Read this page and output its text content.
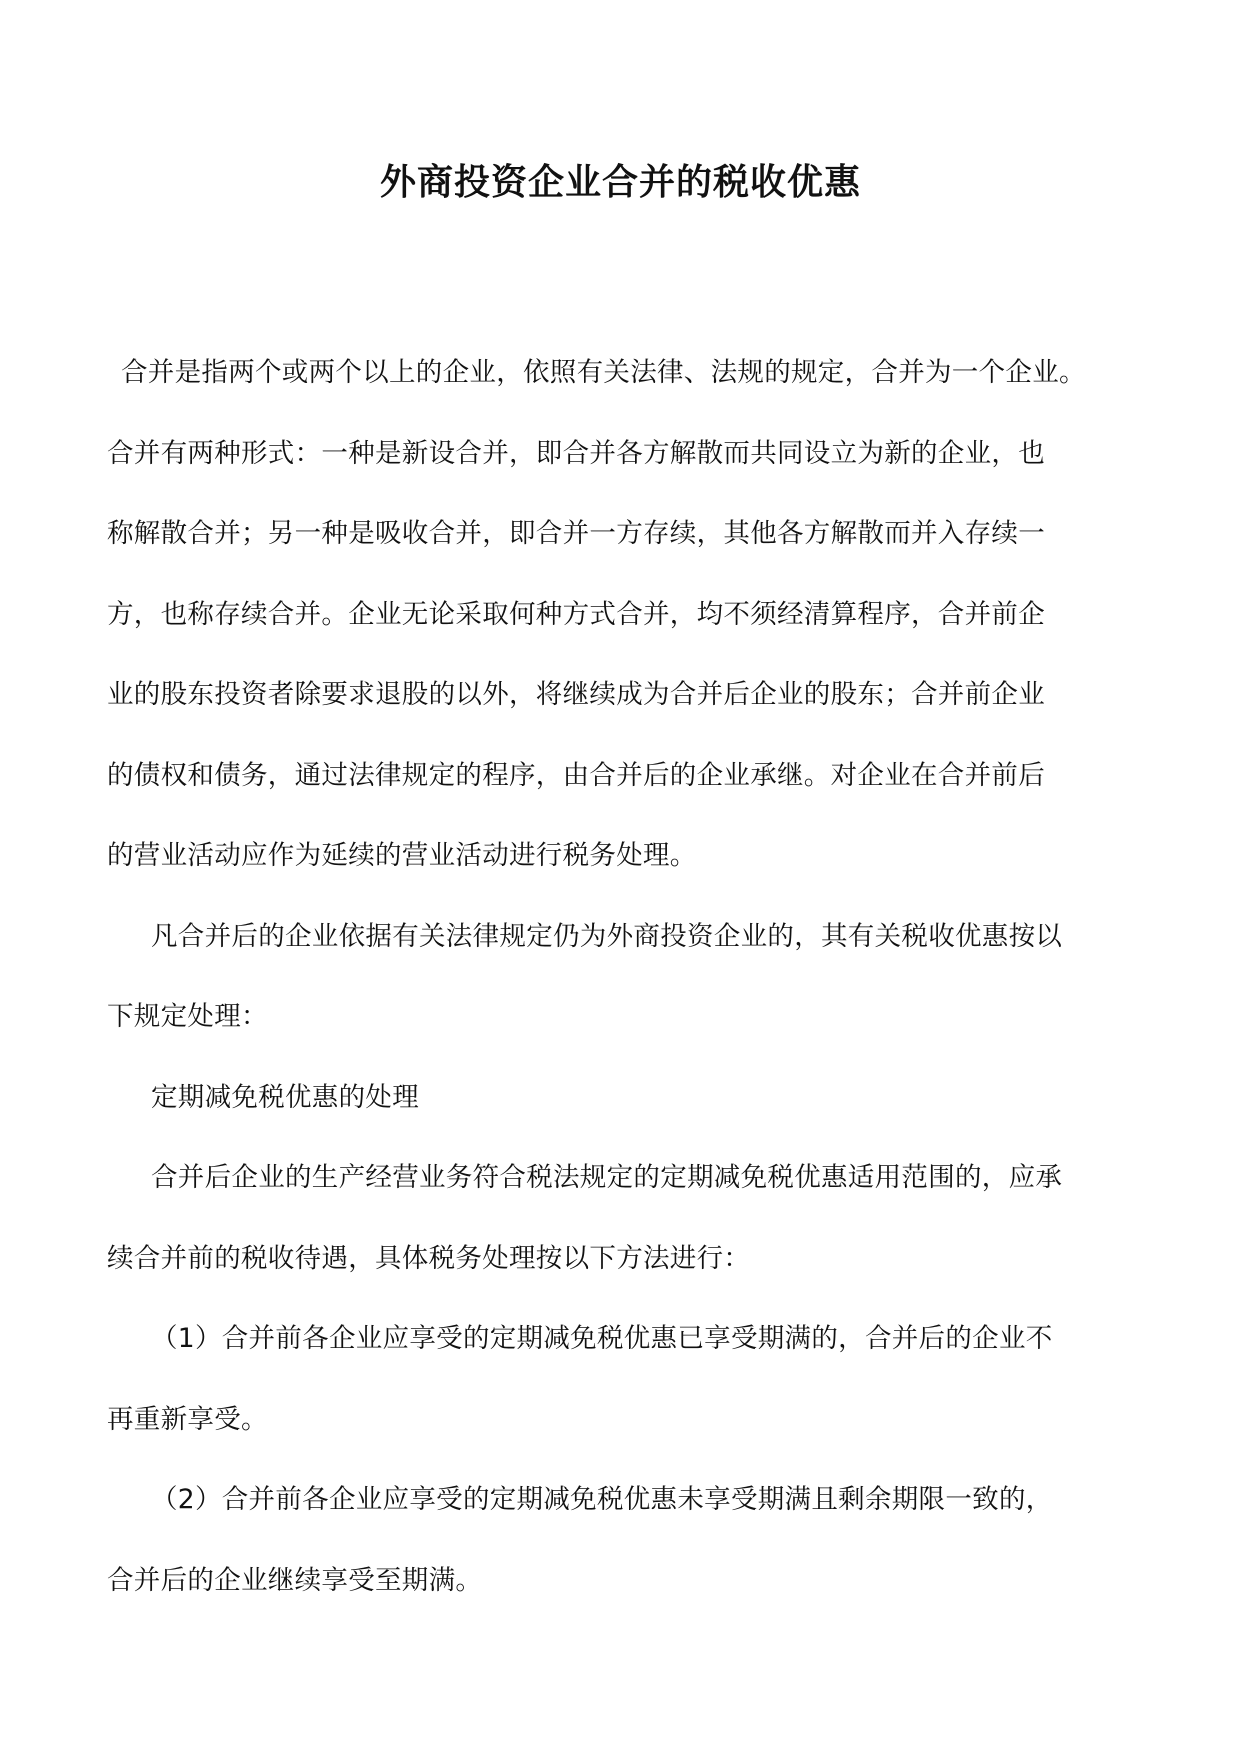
外商投资企业合并的税收优惠
合并是指两个或两个以上的企业，依照有关法律、法规的规定，合并为一个企业。
合并有两种形式：一种是新设合并，即合并各方解散而共同设立为新的企业，也
称解散合并；另一种是吸收合并，即合并一方存续，其他各方解散而并入存续一
方，也称存续合并。企业无论采取何种方式合并，均不须经清算程序，合并前企
业的股东投资者除要求退股的以外，将继续成为合并后企业的股东；合并前企业
的债权和债务，通过法律规定的程序，由合并后的企业承继。对企业在合并前后
的营业活动应作为延续的营业活动进行税务处理。
凡合并后的企业依据有关法律规定仍为外商投资企业的，其有关税收优惠按以
下规定处理：
定期减免税优惠的处理
合并后企业的生产经营业务符合税法规定的定期减免税优惠适用范围的，应承
续合并前的税收待遇，具体税务处理按以下方法进行：
（1）合并前各企业应享受的定期减免税优惠已享受期满的，合并后的企业不
再重新享受。
（2）合并前各企业应享受的定期减免税优惠未享受期满且剩余期限一致的，
合并后的企业继续享受至期满。
